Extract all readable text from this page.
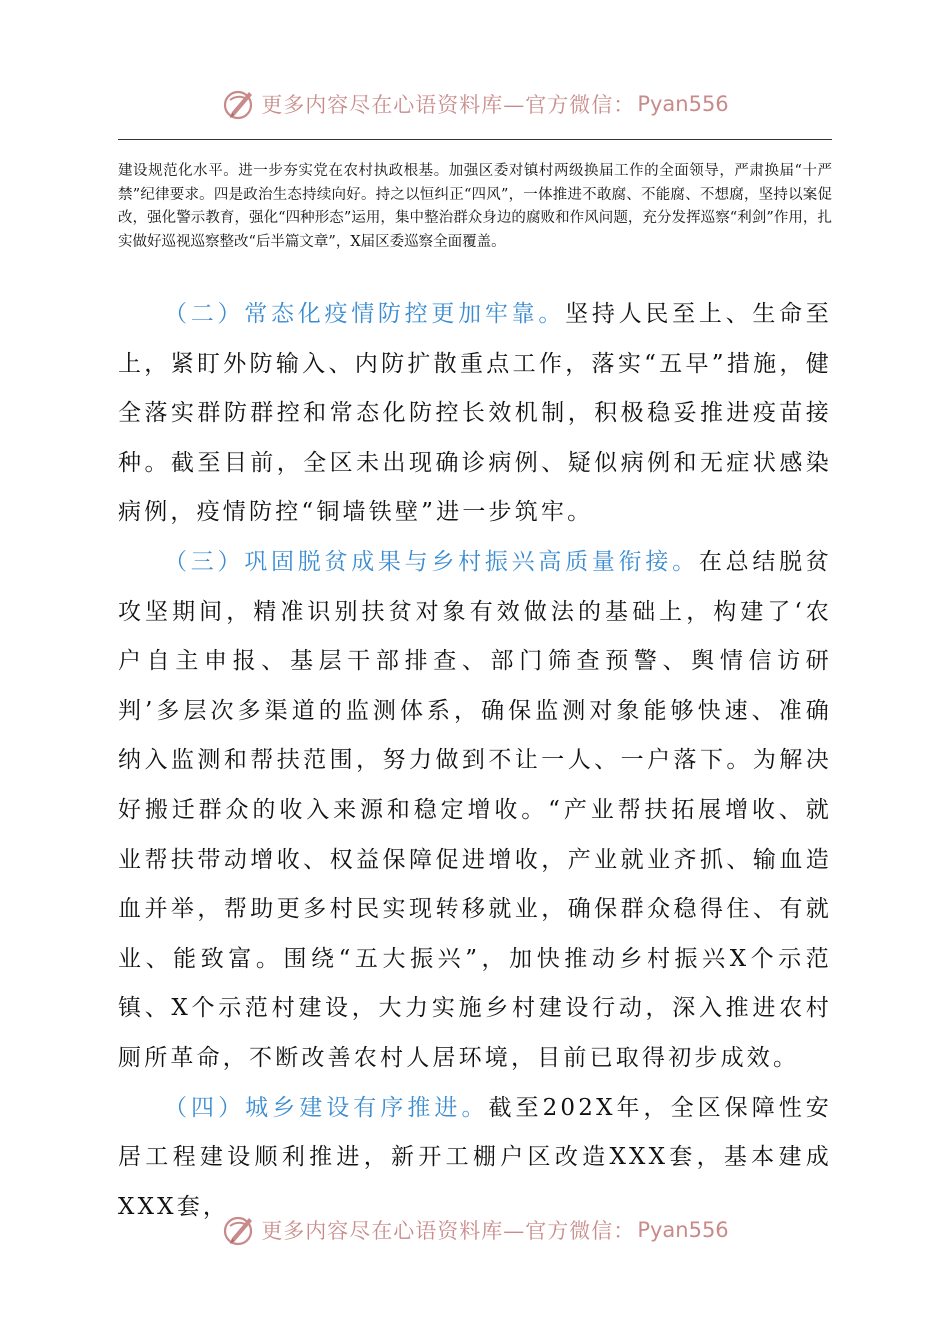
更多内容尽在心语资料库—官方微信： Pyan556
建设规范化水平。进一步夯实党在农村执政根基。加强区委对镇村两级换届工作的全面领导，严肃换届“十严禁”纪律要求。四是政治生态持续向好。持之以恒纠正“四风”，一体推进不敢腐、不能腐、不想腐，坚持以案促改，强化警示教育，强化“四种形态”运用，集中整治群众身边的腐败和作风问题，充分发挥巡察“利剑”作用，扎实做好巡视巡察整改“后半篇文章”，X届区委巡察全面覆盖。

（二）常态化疫情防控更加牢靠。坚持人民至上、生命至上，紧盯外防输入、内防扩散重点工作，落实“五早”措施，健全落实群防群控和常态化防控长效机制，积极稳妥推进疫苗接种。截至目前，全区未出现确诊病例、疑似病例和无症状感染病例，疫情防控“铜墙铁壁”进一步筑牢。

（三）巩固脱贫成果与乡村振兴高质量衔接。在总结脱贫攻坚期间，精准识别扶贫对象有效做法的基础上，构建了‘农户自主申报、基层干部排查、部门筛查预警、舆情信访研判’多层次多渠道的监测体系，确保监测对象能够快速、准确纳入监测和帮扶范围，努力做到不让一人、一户落下。为解决好搬迁群众的收入来源和稳定增收。“产业帮扶拓展增收、就业帮扶带动增收、权益保障促进增收，产业就业齐抓、输血造血并举，帮助更多村民实现转移就业，确保群众稳得住、有就业、能致富。围绕“五大振兴”，加快推动乡村振兴X个示范镇、X个示范村建设，大力实施乡村建设行动，深入推进农村厕所革命，不断改善农村人居环境，目前已取得初步成效。

（四）城乡建设有序推进。截至202X年，全区保障性安居工程建设顺利推进，新开工棚户区改造XXX套，基本建成XXX套，

更多内容尽在心语资料库—官方微信： Pyan556
